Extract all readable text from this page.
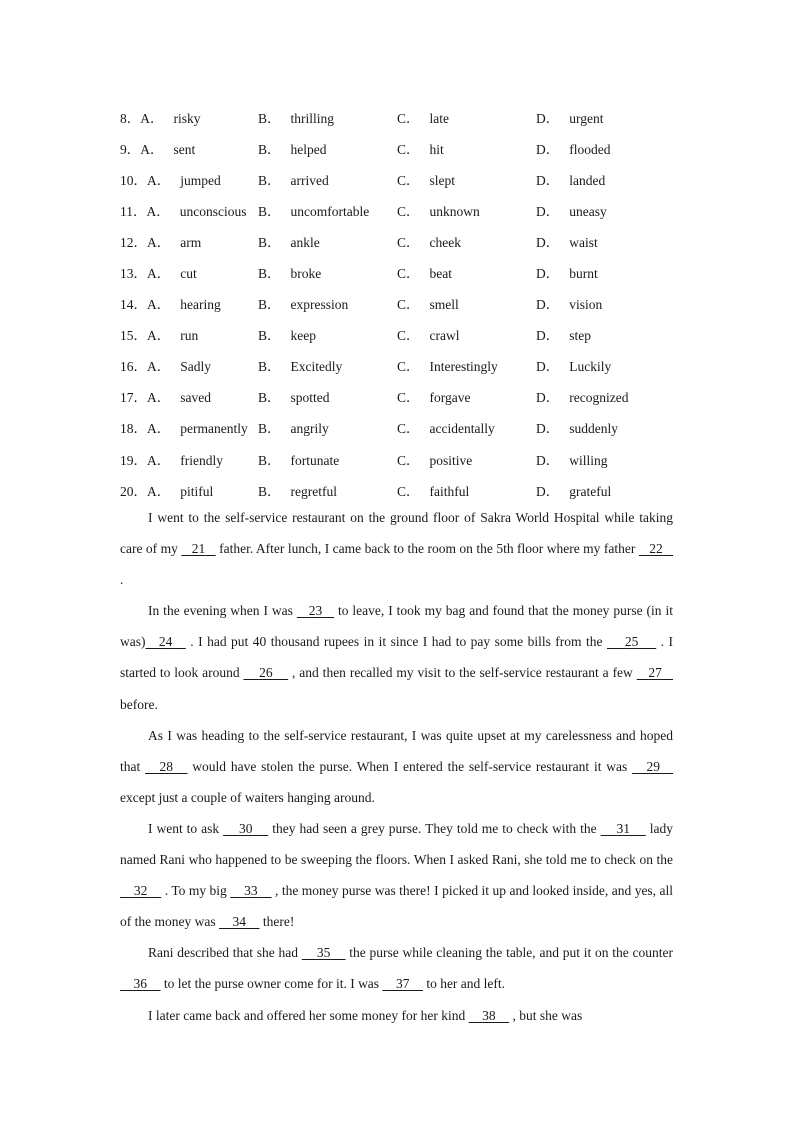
8．A． risky	B． thrilling	C． late	D． urgent
9．A． sent	B． helped	C． hit	D． flooded
10．A． jumped	B． arrived	C． slept	D． landed
11．A． unconscious	B． uncomfortable	C． unknown	D． uneasy
12．A． arm	B． ankle	C． cheek	D． waist
13．A． cut	B． broke	C． beat	D． burnt
14．A． hearing	B． expression	C． smell	D． vision
15．A． run	B． keep	C． crawl	D． step
16．A． Sadly	B． Excitedly	C． Interestingly	D． Luckily
17．A． saved	B． spotted	C． forgave	D． recognized
18．A． permanently	B． angrily	C． accidentally	D． suddenly
19．A． friendly	B． fortunate	C． positive	D． willing
20．A． pitiful	B． regretful	C． faithful	D． grateful

I went to the self-service restaurant on the ground floor of Sakra World Hospital while taking care of my    21    father. After lunch, I came back to the room on the 5th floor where my father    22    .

In the evening when I was    23    to leave, I took my bag and found that the money purse (in it was) 24    . I had put 40 thousand rupees in it since I had to pay some bills from the     25     . I started to look around     26     , and then recalled my visit to the self-service restaurant a few    27    before.

As I was heading to the self-service restaurant, I was quite upset at my carelessness and hoped that    28    would have stolen the purse. When I entered the self-service restaurant it was    29    except just a couple of waiters hanging around.

I went to ask     30     they had seen a grey purse. They told me to check with the     31     lady named Rani who happened to be sweeping the floors. When I asked Rani, she told me to check on the     32     . To my big     33     , the money purse was there! I picked it up and looked inside, and yes, all of the money was     34     there!

Rani described that she had     35     the purse while cleaning the table, and put it on the counter     36     to let the purse owner come for it. I was     37     to her and left.

I later came back and offered her some money for her kind     38     , but she was
